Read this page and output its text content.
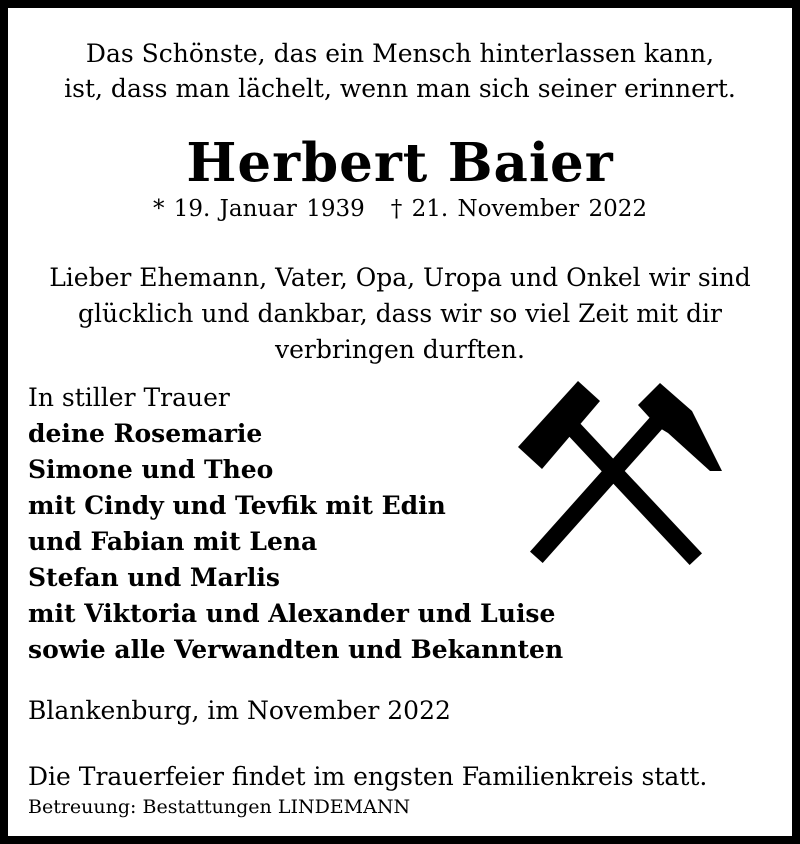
Das Schönste, das ein Mensch hinterlassen kann,
ist, dass man lächelt, wenn man sich seiner erinnert.
Herbert Baier
* 19. Januar 1939 † 21. November 2022
Lieber Ehemann, Vater, Opa, Uropa und Onkel wir sind
glücklich und dankbar, dass wir so viel Zeit mit dir
verbringen durften.
In stiller Trauer
deine Rosemarie
Simone und Theo
mit Cindy und Tevfik mit Edin
und Fabian mit Lena
Stefan und Marlis
mit Viktoria und Alexander und Luise
sowie alle Verwandten und Bekannten
Blankenburg, im November 2022
Die Trauerfeier findet im engsten Familienkreis statt.
Betreuung: Bestattungen LINDEMANN
